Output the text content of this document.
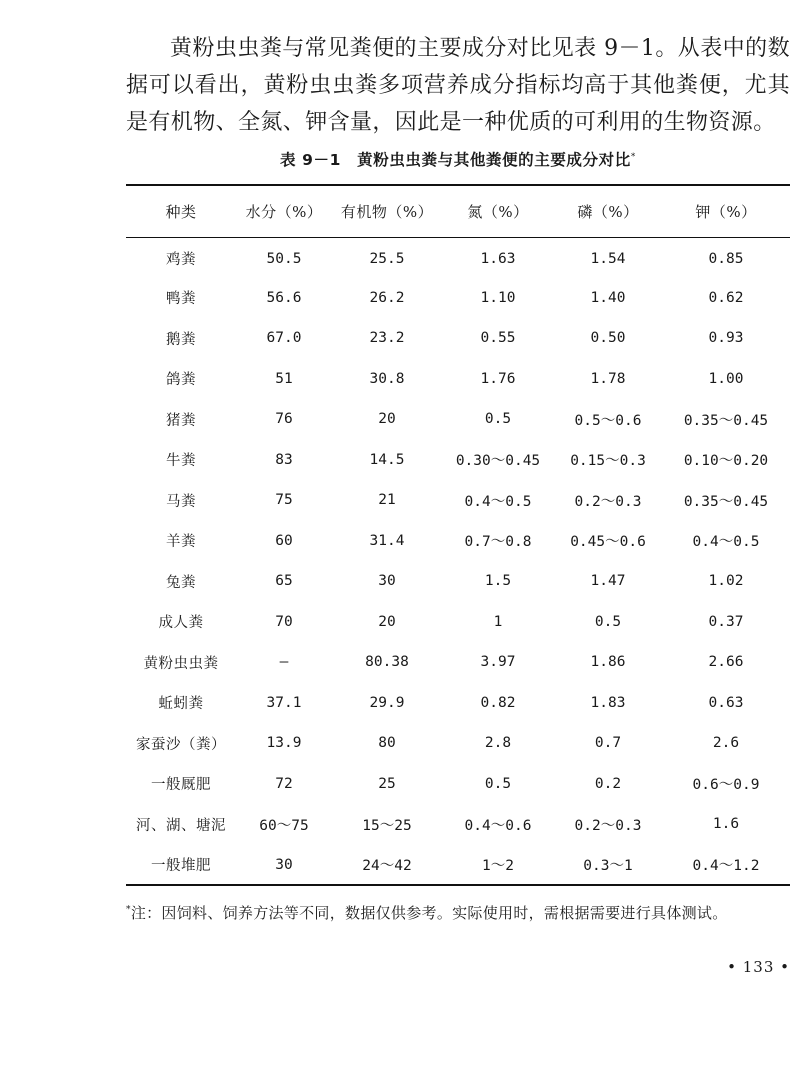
黄粉虫虫粪与常见粪便的主要成分对比见表 9－1。从表中的数据可以看出，黄粉虫虫粪多项营养成分指标均高于其他粪便，尤其是有机物、全氮、钾含量，因此是一种优质的可利用的生物资源。

表 9－1　黄粉虫虫粪与其他粪便的主要成分对比*
种类	水分（%）	有机物（%）	氮（%）	磷（%）	钾（%）
鸡粪	50.5	25.5	1.63	1.54	0.85
鸭粪	56.6	26.2	1.10	1.40	0.62
鹅粪	67.0	23.2	0.55	0.50	0.93
鸽粪	51	30.8	1.76	1.78	1.00
猪粪	76	20	0.5	0.5～0.6	0.35～0.45
牛粪	83	14.5	0.30～0.45	0.15～0.3	0.10～0.20
马粪	75	21	0.4～0.5	0.2～0.3	0.35～0.45
羊粪	60	31.4	0.7～0.8	0.45～0.6	0.4～0.5
兔粪	65	30	1.5	1.47	1.02
成人粪	70	20	1	0.5	0.37
黄粉虫虫粪	—	80.38	3.97	1.86	2.66
蚯蚓粪	37.1	29.9	0.82	1.83	0.63
家蚕沙（粪）	13.9	80	2.8	0.7	2.6
一般厩肥	72	25	0.5	0.2	0.6～0.9
河、湖、塘泥	60～75	15～25	0.4～0.6	0.2～0.3	1.6
一般堆肥	30	24～42	1～2	0.3～1	0.4～1.2
*注：因饲料、饲养方法等不同，数据仅供参考。实际使用时，需根据需要进行具体测试。
• 133 •
